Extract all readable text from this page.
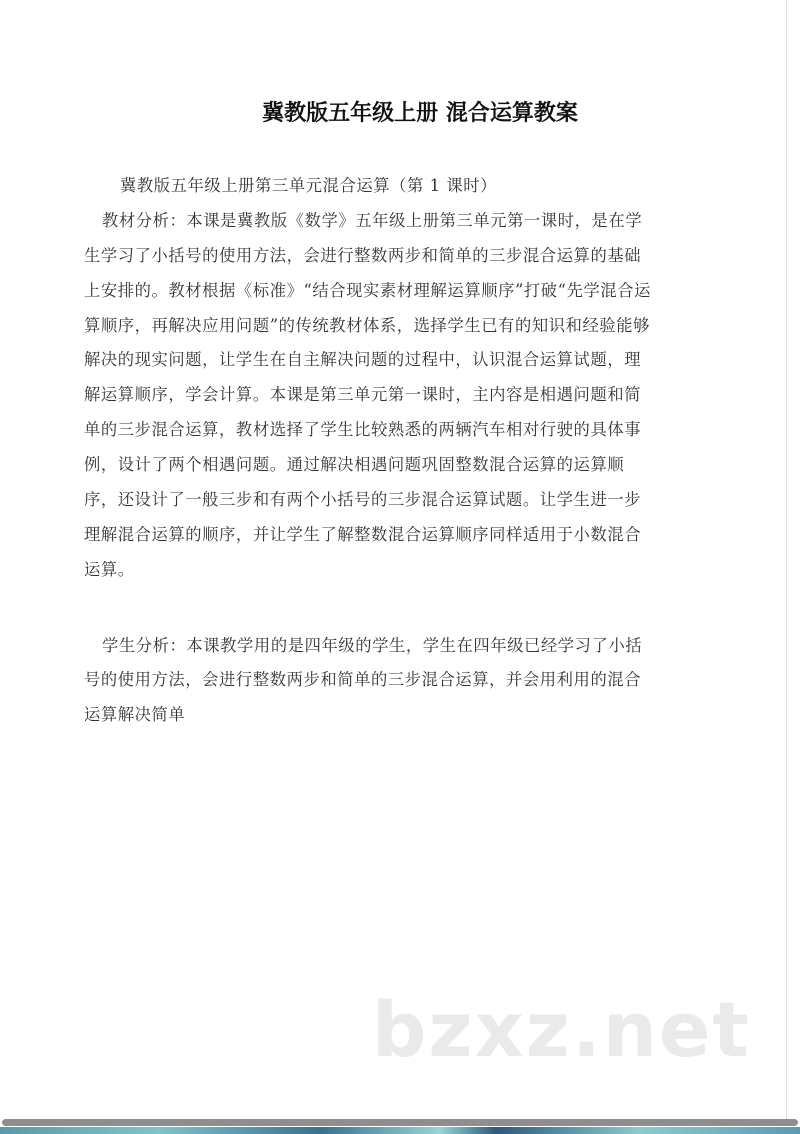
冀教版五年级上册 混合运算教案
冀教版五年级上册第三单元混合运算（第 1 课时）
教材分析：本课是冀教版《数学》五年级上册第三单元第一课时，是在学
生学习了小括号的使用方法，会进行整数两步和简单的三步混合运算的基础
上安排的。教材根据《标准》“结合现实素材理解运算顺序”打破“先学混合运
算顺序，再解决应用问题”的传统教材体系，选择学生已有的知识和经验能够
解决的现实问题，让学生在自主解决问题的过程中，认识混合运算试题，理
解运算顺序，学会计算。本课是第三单元第一课时，主内容是相遇问题和简
单的三步混合运算，教材选择了学生比较熟悉的两辆汽车相对行驶的具体事
例，设计了两个相遇问题。通过解决相遇问题巩固整数混合运算的运算顺
序，还设计了一般三步和有两个小括号的三步混合运算试题。让学生进一步
理解混合运算的顺序，并让学生了解整数混合运算顺序同样适用于小数混合
运算。
学生分析：本课教学用的是四年级的学生，学生在四年级已经学习了小括
号的使用方法，会进行整数两步和简单的三步混合运算，并会用利用的混合
运算解决简单
bzxz.net
